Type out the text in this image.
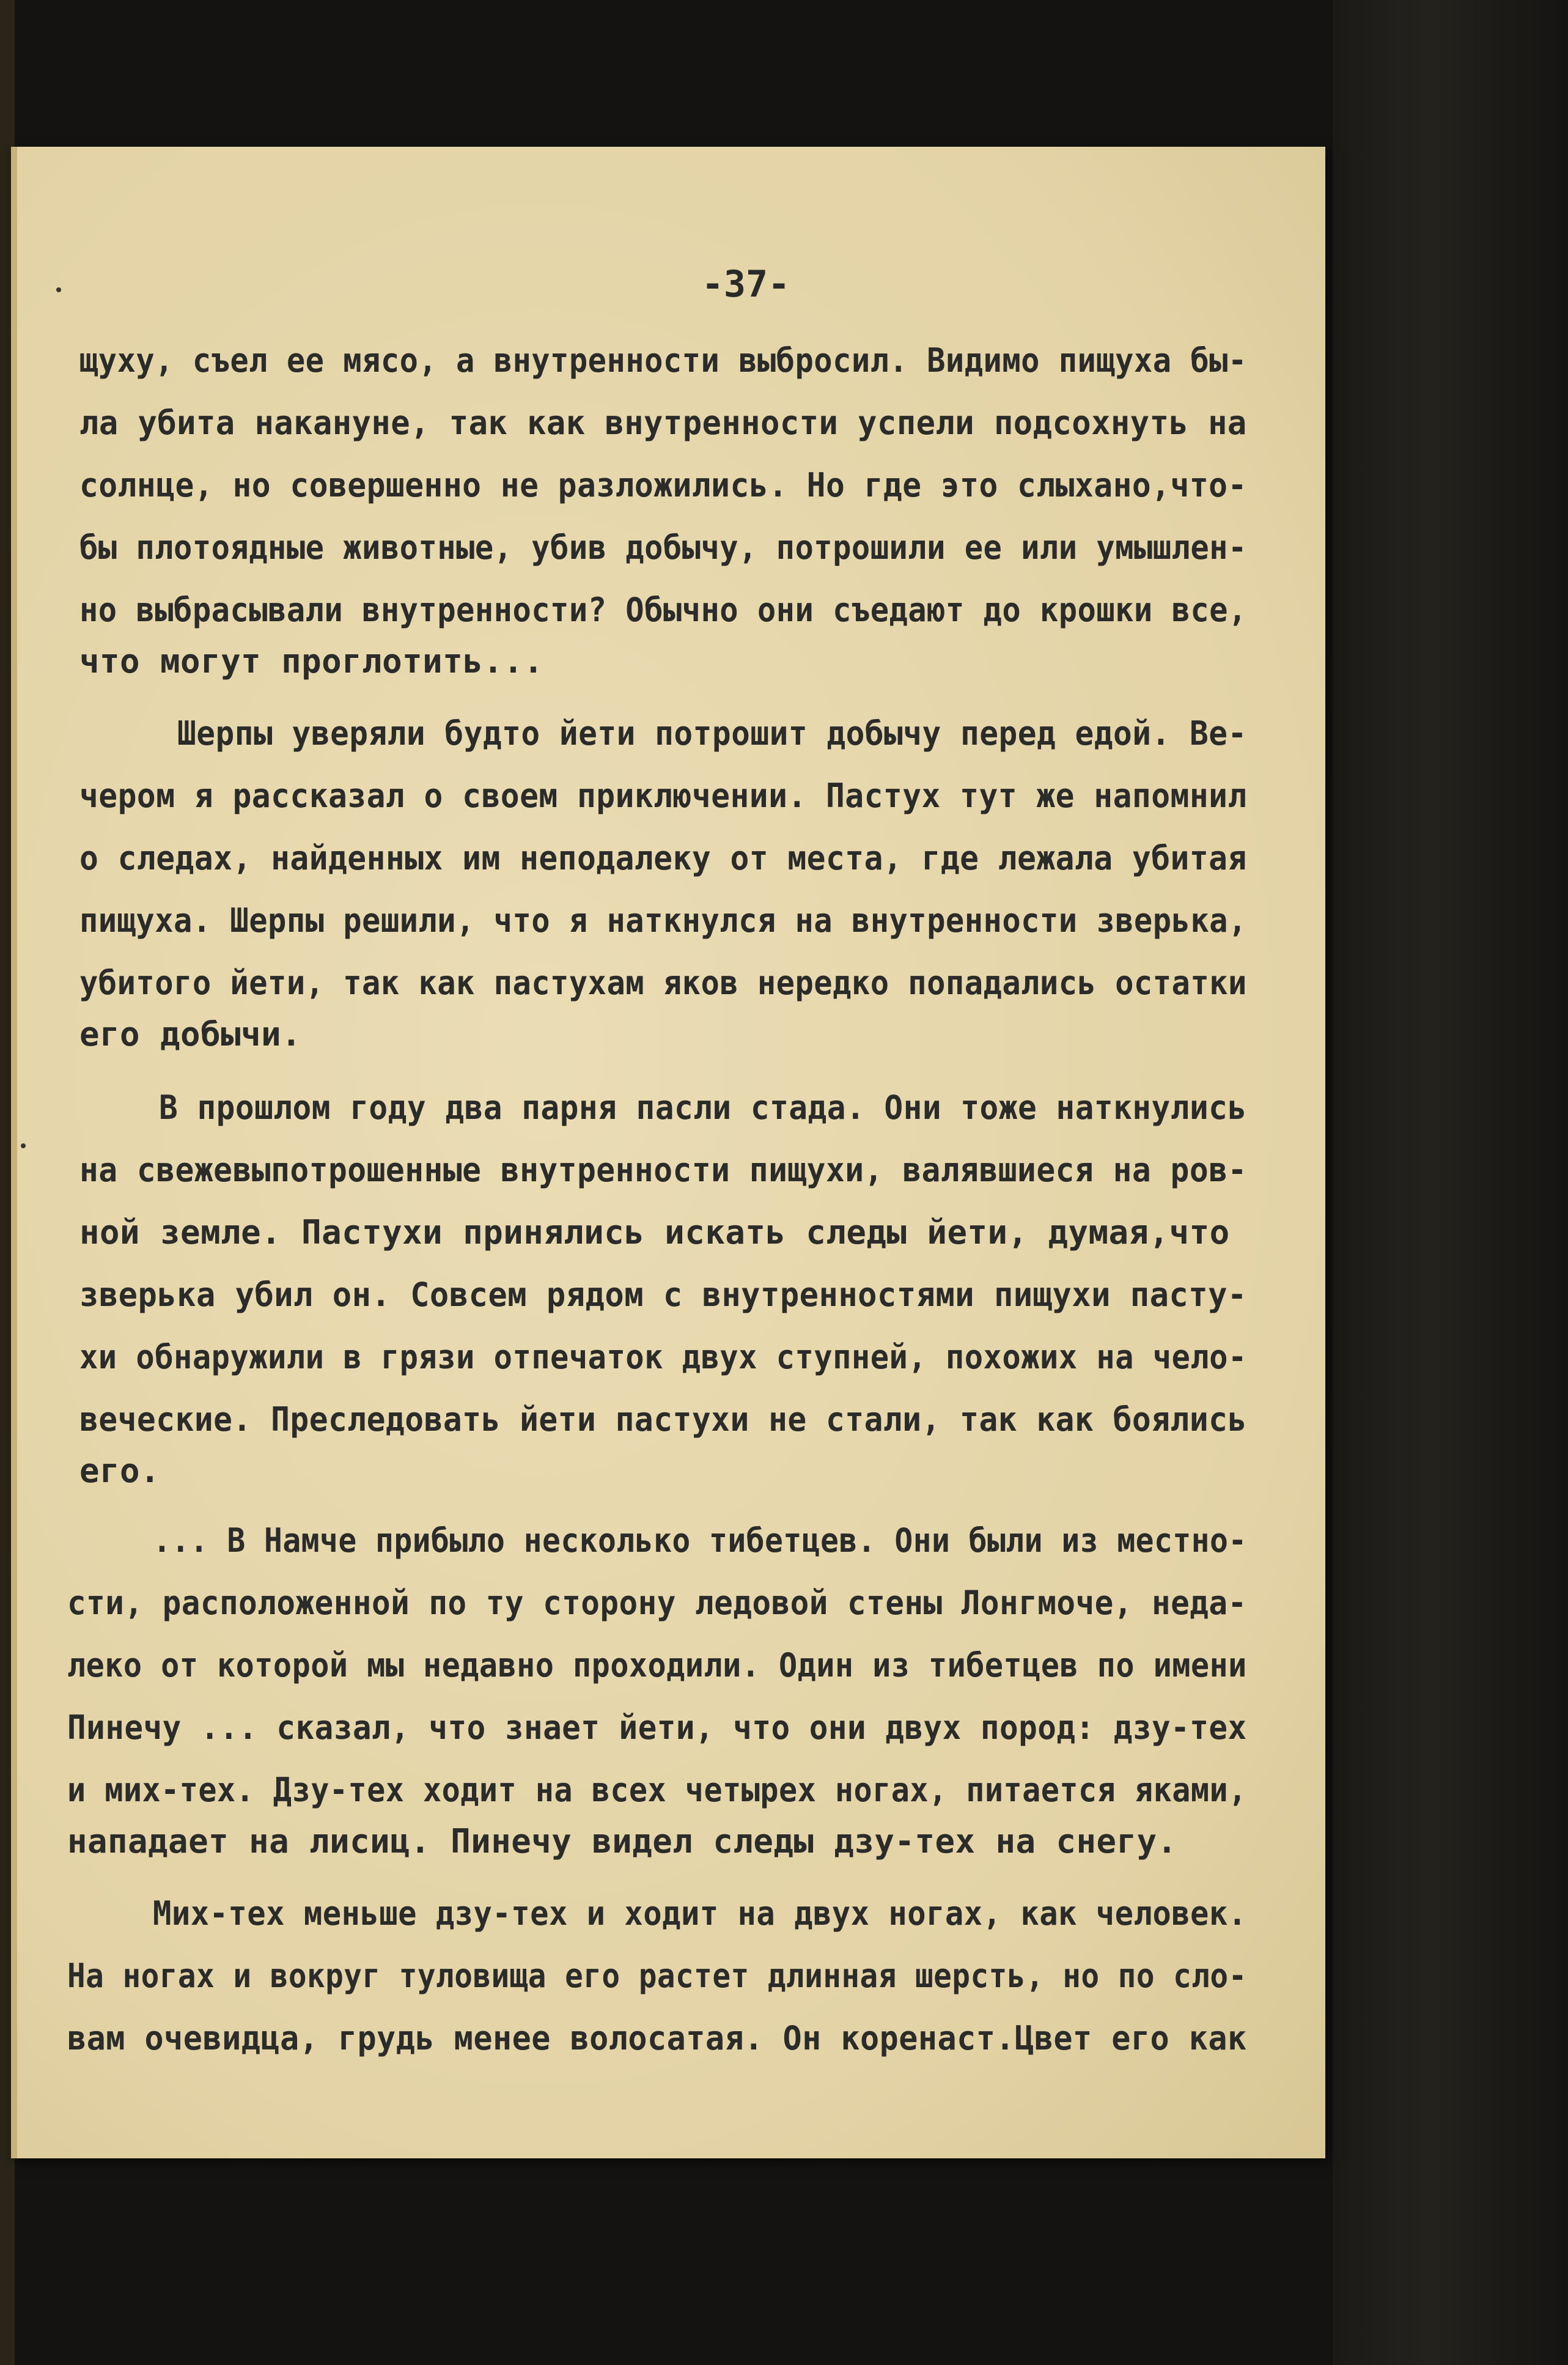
-37-
щуху, съел ее мясо, а внутренности выбросил. Видимо пищуха бы-
ла убита накануне, так как внутренности успели подсохнуть на
солнце, но совершенно не разложились. Но где это слыхано,что-
бы плотоядные животные, убив добычу, потрошили ее или умышлен-
но выбрасывали внутренности? Обычно они съедают до крошки все,
что могут проглотить...
Шерпы уверяли будто йети потрошит добычу перед едой. Ве-
чером я рассказал о своем приключении. Пастух тут же напомнил
о следах, найденных им неподалеку от места, где лежала убитая
пищуха. Шерпы решили, что я наткнулся на внутренности зверька,
убитого йети, так как пастухам яков нередко попадались остатки
его добычи.
В прошлом году два парня пасли стада. Они тоже наткнулись
на свежевыпотрошенные внутренности пищухи, валявшиеся на ров-
ной земле. Пастухи принялись искать следы йети, думая,что
зверька убил он. Совсем рядом с внутренностями пищухи пасту-
хи обнаружили в грязи отпечаток двух ступней, похожих на чело-
веческие. Преследовать йети пастухи не стали, так как боялись
его.
... В Намче прибыло несколько тибетцев. Они были из местно-
сти, расположенной по ту сторону ледовой стены Лонгмоче, неда-
леко от которой мы недавно проходили. Один из тибетцев по имени
Пинечу ... сказал, что знает йети, что они двух пород: дзу-тех
и мих-тех. Дзу-тех ходит на всех четырех ногах, питается яками,
нападает на лисиц. Пинечу видел следы дзу-тех на снегу.
Мих-тех меньше дзу-тех и ходит на двух ногах, как человек.
На ногах и вокруг туловища его растет длинная шерсть, но по сло-
вам очевидца, грудь менее волосатая. Он коренаст.Цвет его как
